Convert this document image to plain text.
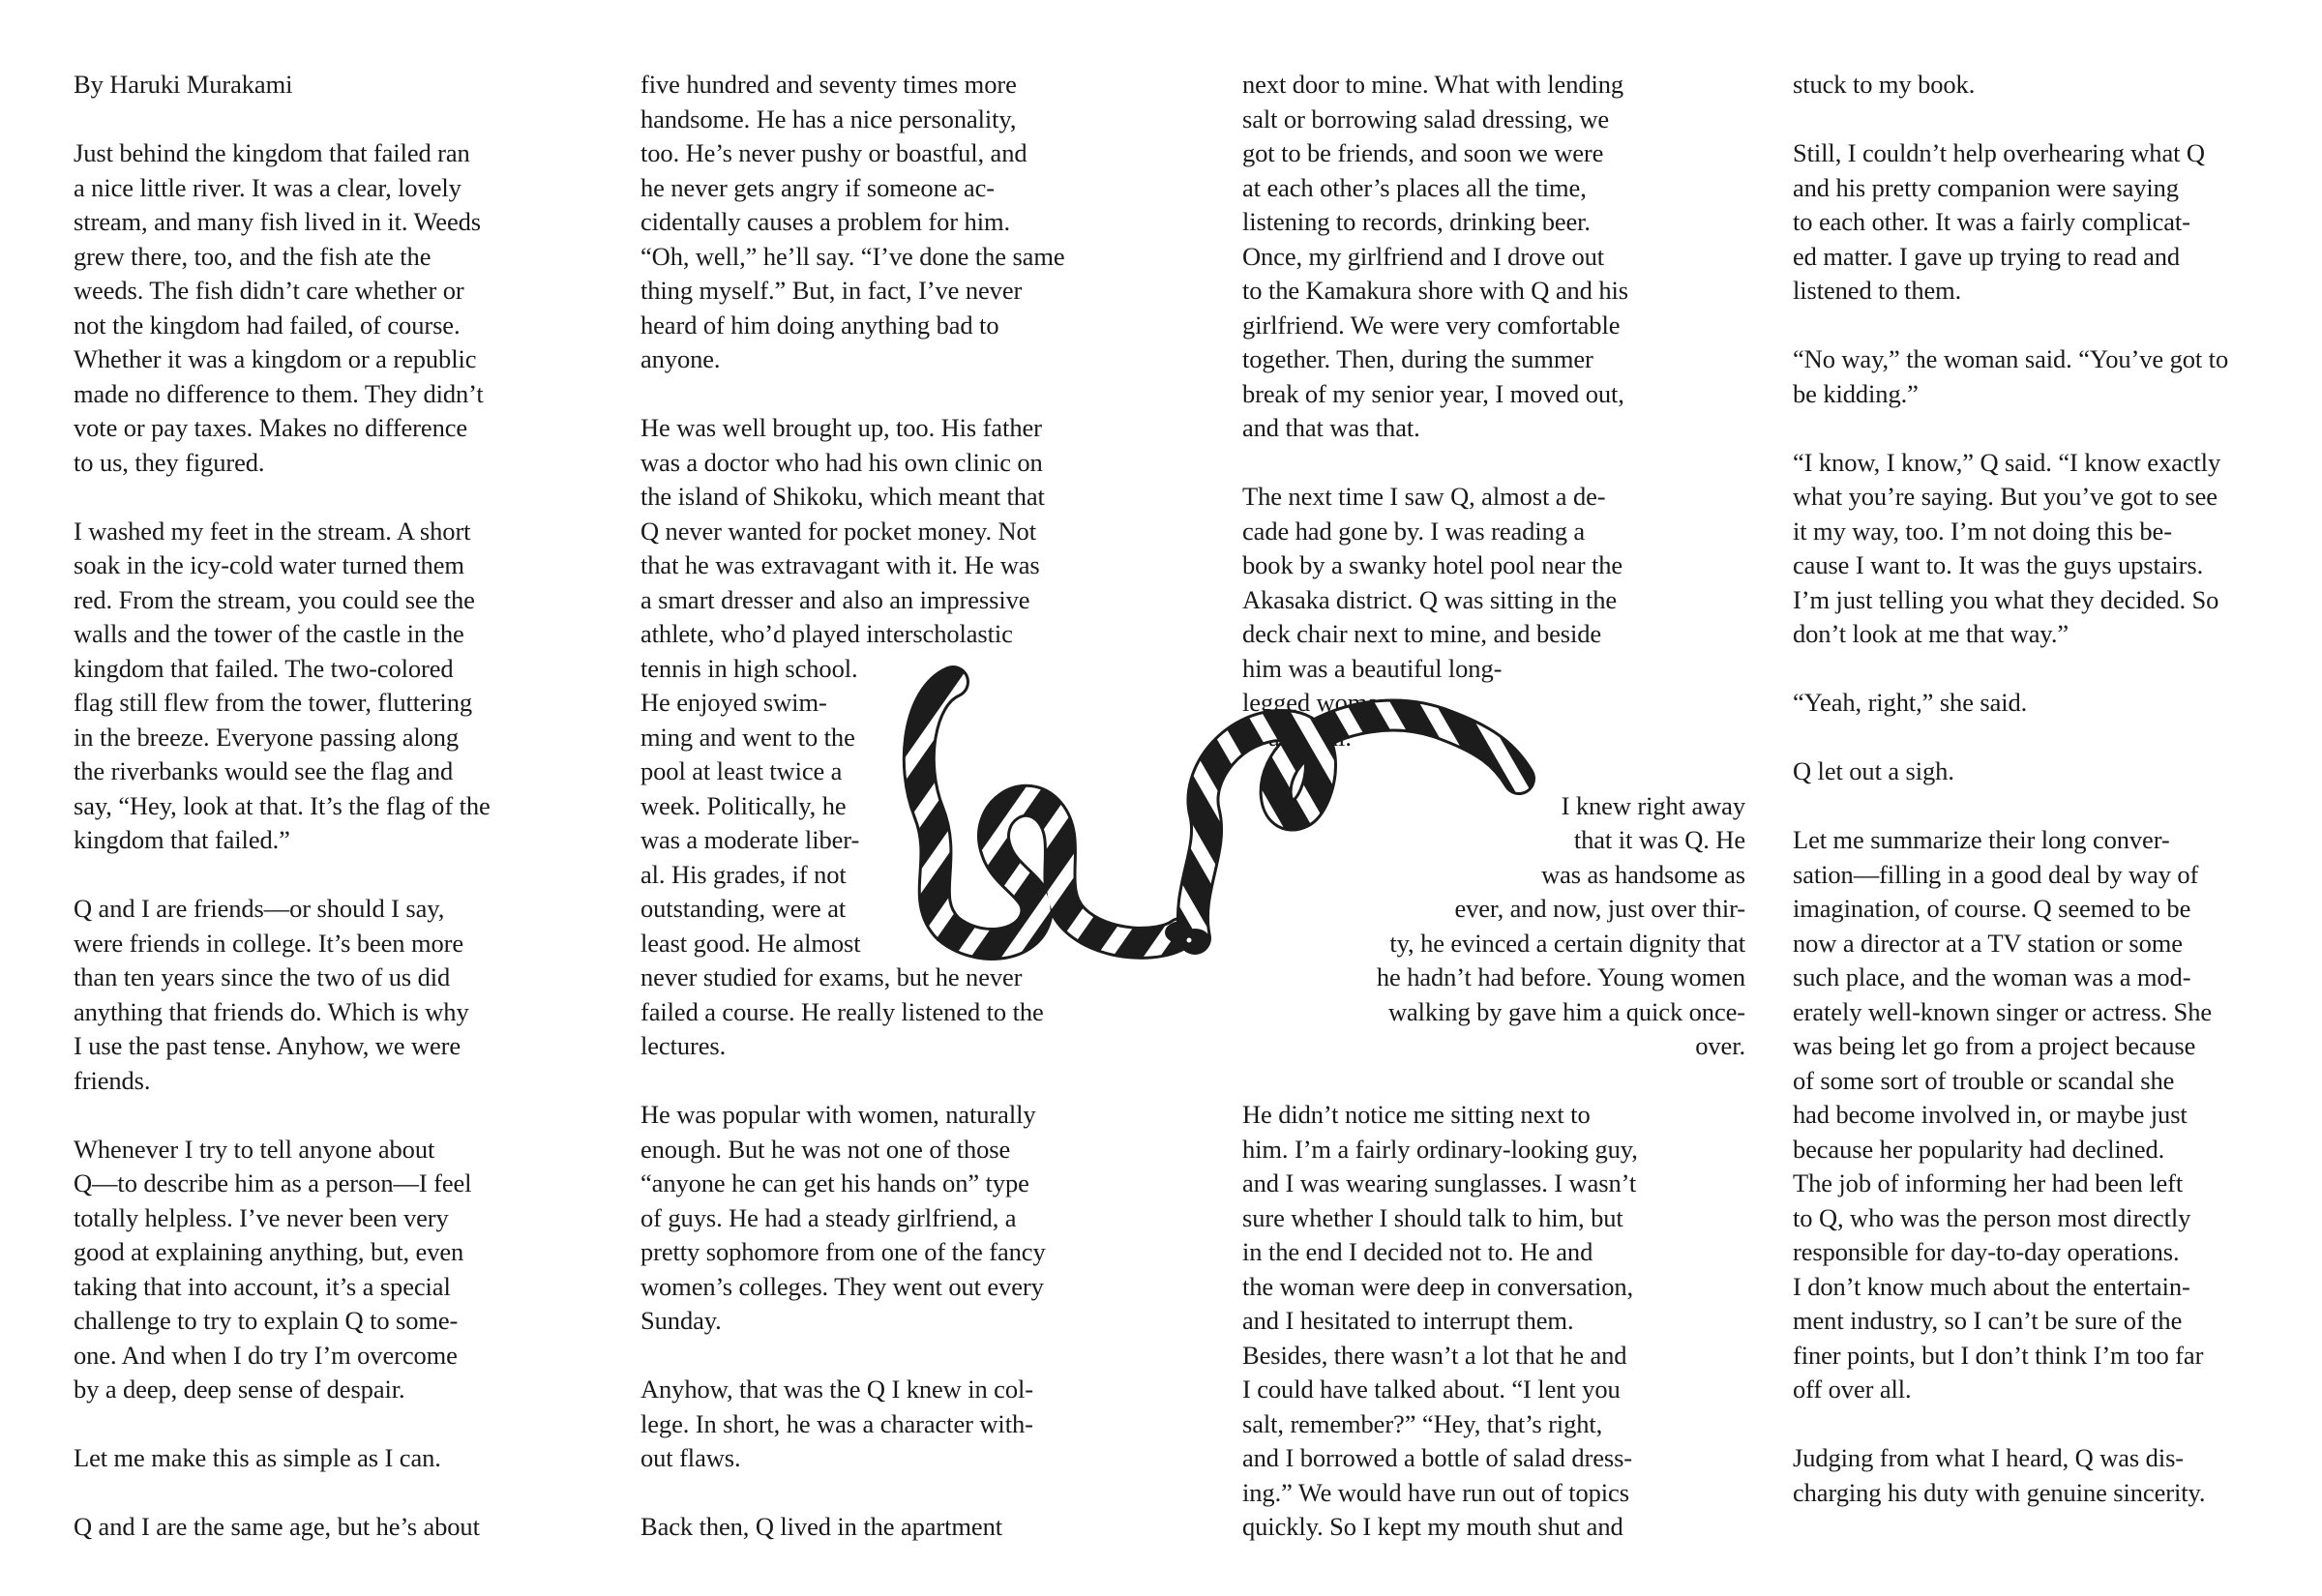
By Haruki Murakami

Just behind the kingdom that failed ran
a nice little river. It was a clear, lovely
stream, and many fish lived in it. Weeds
grew there, too, and the fish ate the
weeds. The fish didn’t care whether or
not the kingdom had failed, of course.
Whether it was a kingdom or a republic
made no difference to them. They didn’t
vote or pay taxes. Makes no difference
to us, they figured.

I washed my feet in the stream. A short
soak in the icy-cold water turned them
red. From the stream, you could see the
walls and the tower of the castle in the
kingdom that failed. The two-colored
flag still flew from the tower, fluttering
in the breeze. Everyone passing along
the riverbanks would see the flag and
say, “Hey, look at that. It’s the flag of the
kingdom that failed.”

Q and I are friends—or should I say,
were friends in college. It’s been more
than ten years since the two of us did
anything that friends do. Which is why
I use the past tense. Anyhow, we were
friends.

Whenever I try to tell anyone about
Q—to describe him as a person—I feel
totally helpless. I’ve never been very
good at explaining anything, but, even
taking that into account, it’s a special
challenge to try to explain Q to some-
one. And when I do try I’m overcome
by a deep, deep sense of despair.

Let me make this as simple as I can.

Q and I are the same age, but he’s about

five hundred and seventy times more
handsome. He has a nice personality,
too. He’s never pushy or boastful, and
he never gets angry if someone ac-
cidentally causes a problem for him.
“Oh, well,” he’ll say. “I’ve done the same
thing myself.” But, in fact, I’ve never
heard of him doing anything bad to
anyone.

He was well brought up, too. His father
was a doctor who had his own clinic on
the island of Shikoku, which meant that
Q never wanted for pocket money. Not
that he was extravagant with it. He was
a smart dresser and also an impressive
athlete, who’d played interscholastic
tennis in high school.
He enjoyed swim-
ming and went to the
pool at least twice a
week. Politically, he
was a moderate liber-
al. His grades, if not
outstanding, were at
least good. He almost
never studied for exams, but he never
failed a course. He really listened to the
lectures.

He was popular with women, naturally
enough. But he was not one of those
“anyone he can get his hands on” type
of guys. He had a steady girlfriend, a
pretty sophomore from one of the fancy
women’s colleges. They went out every
Sunday.

Anyhow, that was the Q I knew in col-
lege. In short, he was a character with-
out flaws.

Back then, Q lived in the apartment

next door to mine. What with lending
salt or borrowing salad dressing, we
got to be friends, and soon we were
at each other’s places all the time,
listening to records, drinking beer.
Once, my girlfriend and I drove out
to the Kamakura shore with Q and his
girlfriend. We were very comfortable
together. Then, during the summer
break of my senior year, I moved out,
and that was that.

The next time I saw Q, almost a de-
cade had gone by. I was reading a
book by a swanky hotel pool near the
Akasaka district. Q was sitting in the
deck chair next to mine, and beside
him was a beautiful long-
legged woman
in a bikini.

I knew right away
that it was Q. He
was as handsome as
ever, and now, just over thir-
ty, he evinced a certain dignity that
he hadn’t had before. Young women
walking by gave him a quick once-
over.

He didn’t notice me sitting next to
him. I’m a fairly ordinary-looking guy,
and I was wearing sunglasses. I wasn’t
sure whether I should talk to him, but
in the end I decided not to. He and
the woman were deep in conversation,
and I hesitated to interrupt them.
Besides, there wasn’t a lot that he and
I could have talked about. “I lent you
salt, remember?” “Hey, that’s right,
and I borrowed a bottle of salad dress-
ing.” We would have run out of topics
quickly. So I kept my mouth shut and

stuck to my book.

Still, I couldn’t help overhearing what Q
and his pretty companion were saying
to each other. It was a fairly complicat-
ed matter. I gave up trying to read and
listened to them.

“No way,” the woman said. “You’ve got to
be kidding.”

“I know, I know,” Q said. “I know exactly
what you’re saying. But you’ve got to see
it my way, too. I’m not doing this be-
cause I want to. It was the guys upstairs.
I’m just telling you what they decided. So
don’t look at me that way.”

“Yeah, right,” she said.

Q let out a sigh.

Let me summarize their long conver-
sation—filling in a good deal by way of
imagination, of course. Q seemed to be
now a director at a TV station or some
such place, and the woman was a mod-
erately well-known singer or actress. She
was being let go from a project because
of some sort of trouble or scandal she
had become involved in, or maybe just
because her popularity had declined.
The job of informing her had been left
to Q, who was the person most directly
responsible for day-to-day operations.
I don’t know much about the entertain-
ment industry, so I can’t be sure of the
finer points, but I don’t think I’m too far
off over all.

Judging from what I heard, Q was dis-
charging his duty with genuine sincerity.
